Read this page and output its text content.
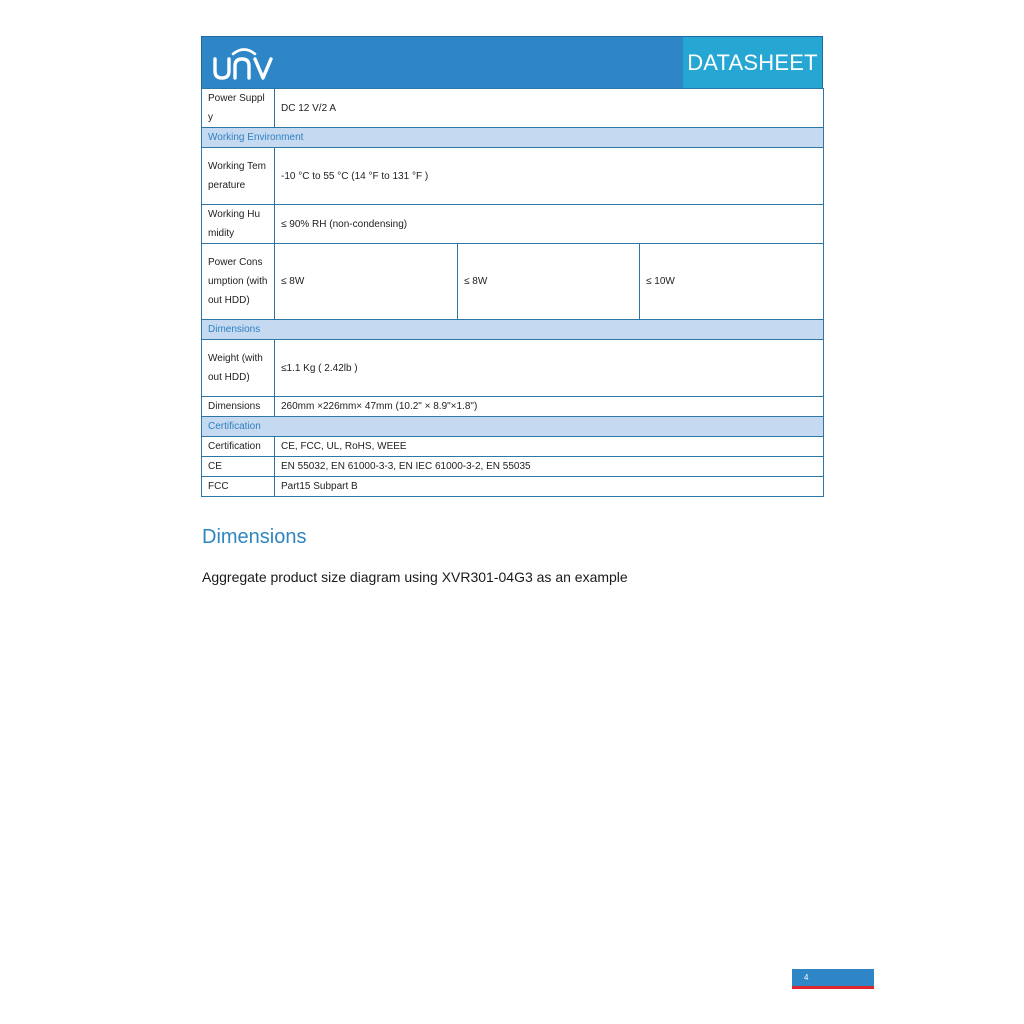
DATASHEET
Power Supply	DC 12 V/2 A		
Working Environment			
Working Temperature	-10 °C to 55 °C (14 °F to 131 °F )		
Working Humidity	≤ 90% RH (non-condensing)		
Power Consumption (without HDD)	≤ 8W	≤ 8W	≤ 10W
Dimensions			
Weight (without HDD)	≤1.1 Kg ( 2.42lb )		
Dimensions	260mm ×226mm× 47mm (10.2" × 8.9"×1.8")		
Certification			
Certification	CE, FCC, UL, RoHS, WEEE		
CE	EN 55032, EN 61000-3-3, EN IEC 61000-3-2, EN 55035		
FCC	Part15 Subpart B		
Dimensions

Aggregate product size diagram using XVR301-04G3 as an example

4
